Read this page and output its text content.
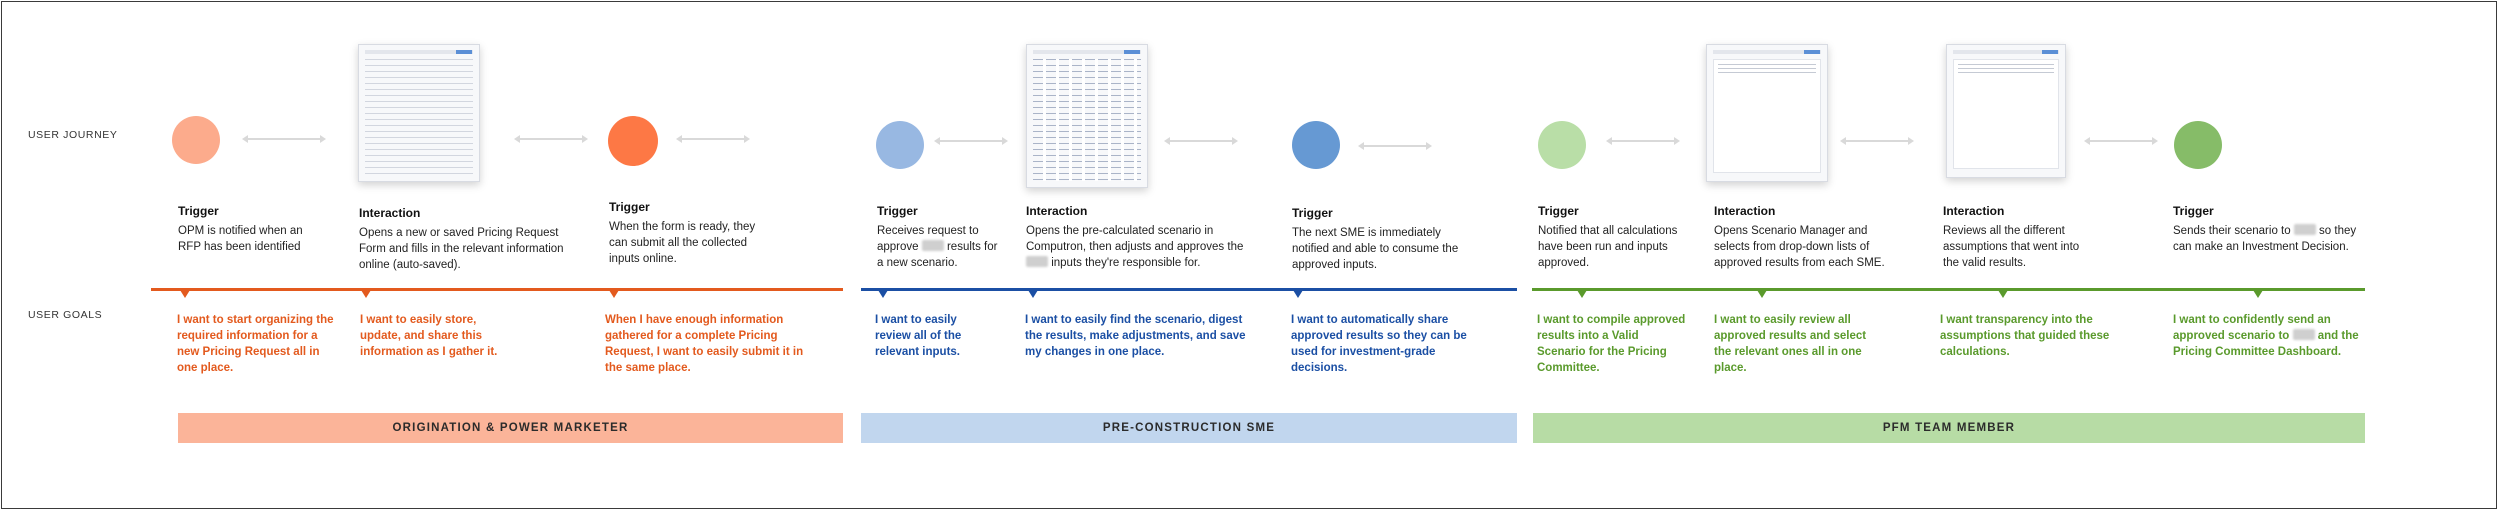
USER JOURNEY
USER GOALS
Trigger
OPM is notified when an RFP has been identified
Interaction
Opens a new or saved Pricing Request Form and fills in the relevant information online (auto-saved).
Trigger
When the form is ready, they can submit all the collected inputs online.
Trigger
Receives request to approve results for a new scenario.
Interaction
Opens the pre-calculated scenario in Computron, then adjusts and approves the  inputs they're responsible for.
Trigger
The next SME is immediately notified and able to consume the approved inputs.
Trigger
Notified that all calculations have been run and inputs approved.
Interaction
Opens Scenario Manager and selects from drop-down lists of approved results from each SME.
Interaction
Reviews all the different assumptions that went into the valid results.
Trigger
Sends their scenario to so they can make an Investment Decision.
I want to start organizing the required information for a new Pricing Request all in one place.
I want to easily store, update, and share this information as I gather it.
When I have enough information gathered for a complete Pricing Request, I want to easily submit it in the same place.
I want to easily review all of the relevant inputs.
I want to easily find the scenario, digest the results, make adjustments, and save my changes in one place.
I want to automatically share approved results so they can be used for investment-grade decisions.
I want to compile approved results into a Valid Scenario for the Pricing Committee.
I want to easily review all approved results and select the relevant ones all in one place.
I want transparency into the assumptions that guided these calculations.
I want to confidently send an approved scenario to and the Pricing Committee Dashboard.
ORIGINATION & POWER MARKETER	PRE-CONSTRUCTION SME	PFM TEAM MEMBER
